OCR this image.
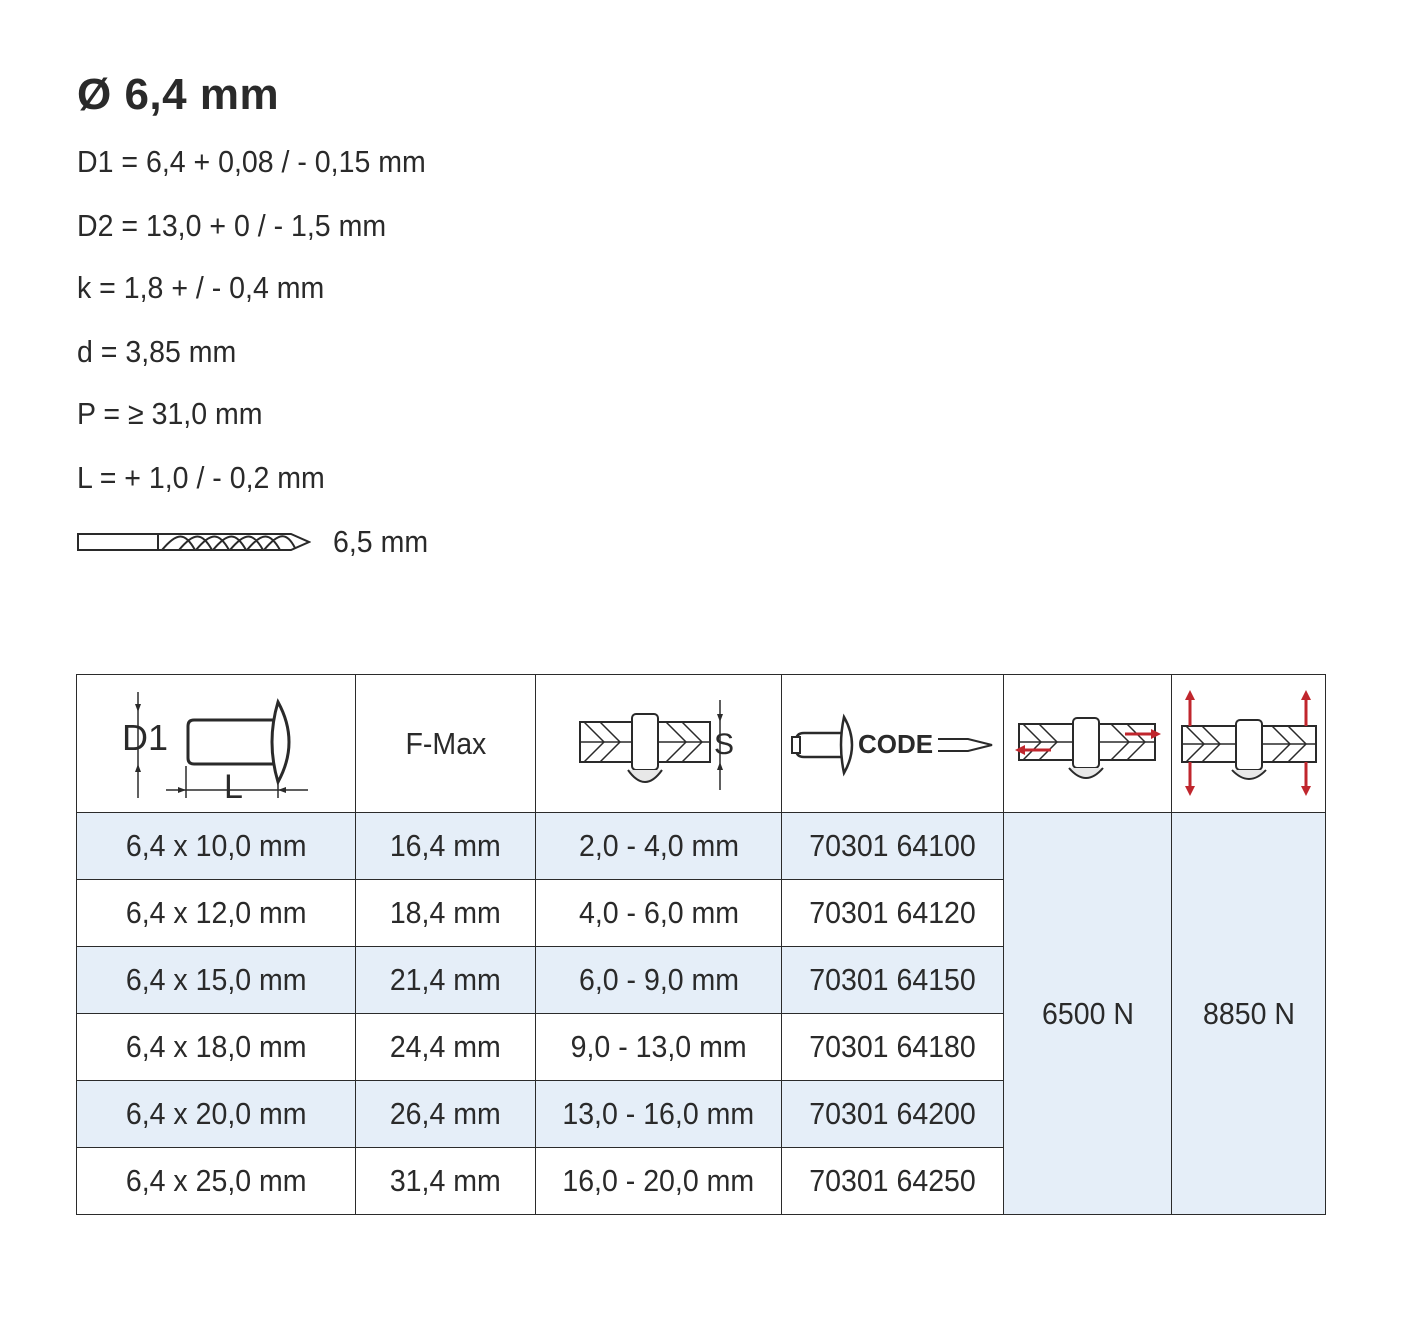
Ø 6,4 mm
D1 = 6,4 + 0,08 / - 0,15 mm
D2 = 13,0 + 0 / - 1,5 mm
k = 1,8 + / - 0,4 mm
d = 3,85 mm
P = ≥ 31,0 mm
L = + 1,0 / - 0,2 mm
6,5 mm
D1
L	F-Max	S	CODE

6,4 x 10,0 mm	16,4 mm	2,0 - 4,0 mm	70301 64100	6500 N	8850 N
6,4 x 12,0 mm	18,4 mm	4,0 - 6,0 mm	70301 64120		
6,4 x 15,0 mm	21,4 mm	6,0 - 9,0 mm	70301 64150		
6,4 x 18,0 mm	24,4 mm	9,0 - 13,0 mm	70301 64180		
6,4 x 20,0 mm	26,4 mm	13,0 - 16,0 mm	70301 64200		
6,4 x 25,0 mm	31,4 mm	16,0 - 20,0 mm	70301 64250		
